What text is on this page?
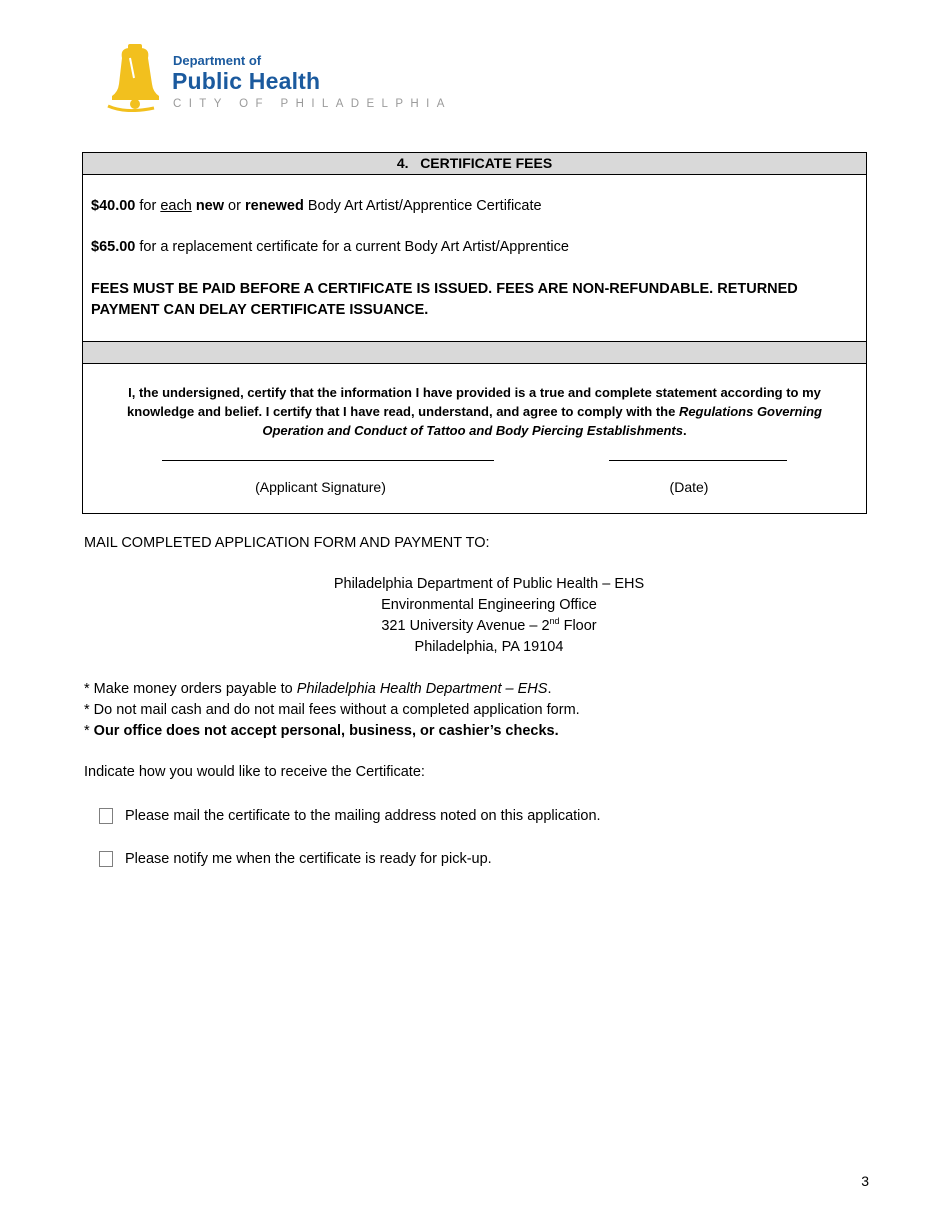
Department of
Public Health
CITY OF PHILADELPHIA
4. CERTIFICATE FEES
$40.00 for each new or renewed Body Art Artist/Apprentice Certificate
$65.00 for a replacement certificate for a current Body Art Artist/Apprentice
FEES MUST BE PAID BEFORE A CERTIFICATE IS ISSUED. FEES ARE NON-REFUNDABLE. RETURNED PAYMENT CAN DELAY CERTIFICATE ISSUANCE.
I, the undersigned, certify that the information I have provided is a true and complete statement according to my knowledge and belief. I certify that I have read, understand, and agree to comply with the Regulations Governing Operation and Conduct of Tattoo and Body Piercing Establishments.
(Applicant Signature)	(Date)
MAIL COMPLETED APPLICATION FORM AND PAYMENT TO:
Philadelphia Department of Public Health – EHS
Environmental Engineering Office
321 University Avenue – 2nd Floor
Philadelphia, PA 19104
* Make money orders payable to Philadelphia Health Department – EHS.
* Do not mail cash and do not mail fees without a completed application form.
* Our office does not accept personal, business, or cashier’s checks.
Indicate how you would like to receive the Certificate:
Please mail the certificate to the mailing address noted on this application.
Please notify me when the certificate is ready for pick-up.
3
